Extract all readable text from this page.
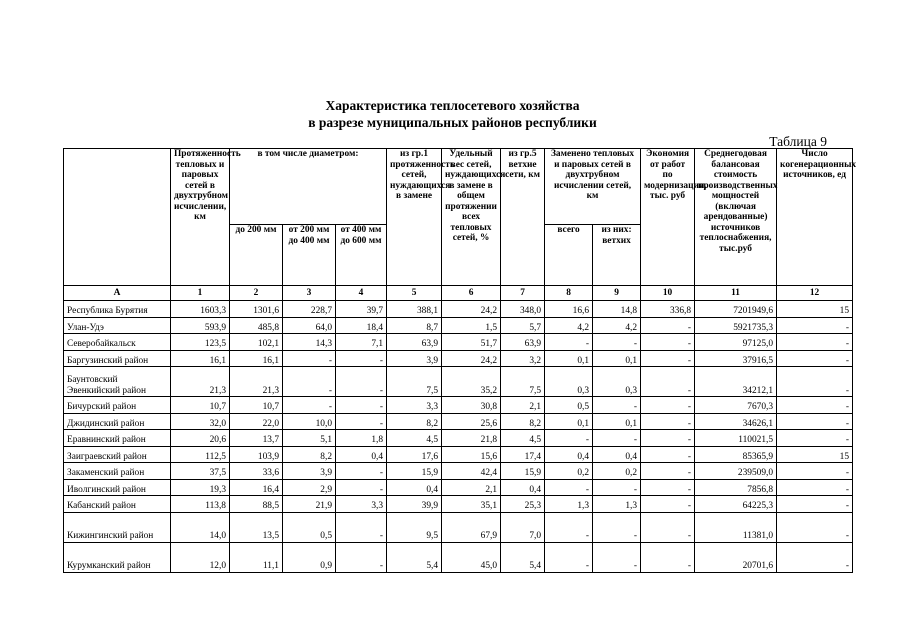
Характеристика теплосетевого хозяйства
в разрезе муниципальных районов республики
Таблица 9
	Протяженность тепловых и паровых сетей в двухтрубном исчислении, км	в том числе диаметром:			из гр.1 протяженность сетей, нуждающихся в замене	Удельный вес сетей, нуждающихся в замене в общем протяжении всех тепловых сетей, %	из гр.5 ветхие сети, км	Заменено тепловых и паровых сетей в двухтрубном исчислении сетей, км		Экономия от работ по модернизации, тыс. руб	Среднегодовая балансовая стоимость производственных мощностей (включая арендованные) источников теплоснабжения, тыс.руб	Число когенерационных источников, ед
		до 200 мм	от 200 мм до 400 мм	от 400 мм до 600 мм				всего	из них: ветхих			
А	1	2	3	4	5	6	7	8	9	10	11	12
Республика Бурятия	1603,3	1301,6	228,7	39,7	388,1	24,2	348,0	16,6	14,8	336,8	7201949,6	15
Улан-Удэ	593,9	485,8	64,0	18,4	8,7	1,5	5,7	4,2	4,2	-	5921735,3	-
Северобайкальск	123,5	102,1	14,3	7,1	63,9	51,7	63,9	-	-	-	97125,0	-
Баргузинский район	16,1	16,1	-	-	3,9	24,2	3,2	0,1	0,1	-	37916,5	-
Баунтовский Эвенкийский район	21,3	21,3	-	-	7,5	35,2	7,5	0,3	0,3	-	34212,1	-
Бичурский район	10,7	10,7	-	-	3,3	30,8	2,1	0,5	-	-	7670,3	-
Джидинский район	32,0	22,0	10,0	-	8,2	25,6	8,2	0,1	0,1	-	34626,1	-
Еравнинский район	20,6	13,7	5,1	1,8	4,5	21,8	4,5	-	-	-	110021,5	-
Заиграевский район	112,5	103,9	8,2	0,4	17,6	15,6	17,4	0,4	0,4	-	85365,9	15
Закаменский район	37,5	33,6	3,9	-	15,9	42,4	15,9	0,2	0,2	-	239509,0	-
Иволгинский район	19,3	16,4	2,9	-	0,4	2,1	0,4	-	-	-	7856,8	-
Кабанский район	113,8	88,5	21,9	3,3	39,9	35,1	25,3	1,3	1,3	-	64225,3	-
Кижингинский район	14,0	13,5	0,5	-	9,5	67,9	7,0	-	-	-	11381,0	-
Курумканский район	12,0	11,1	0,9	-	5,4	45,0	5,4	-	-	-	20701,6	-
